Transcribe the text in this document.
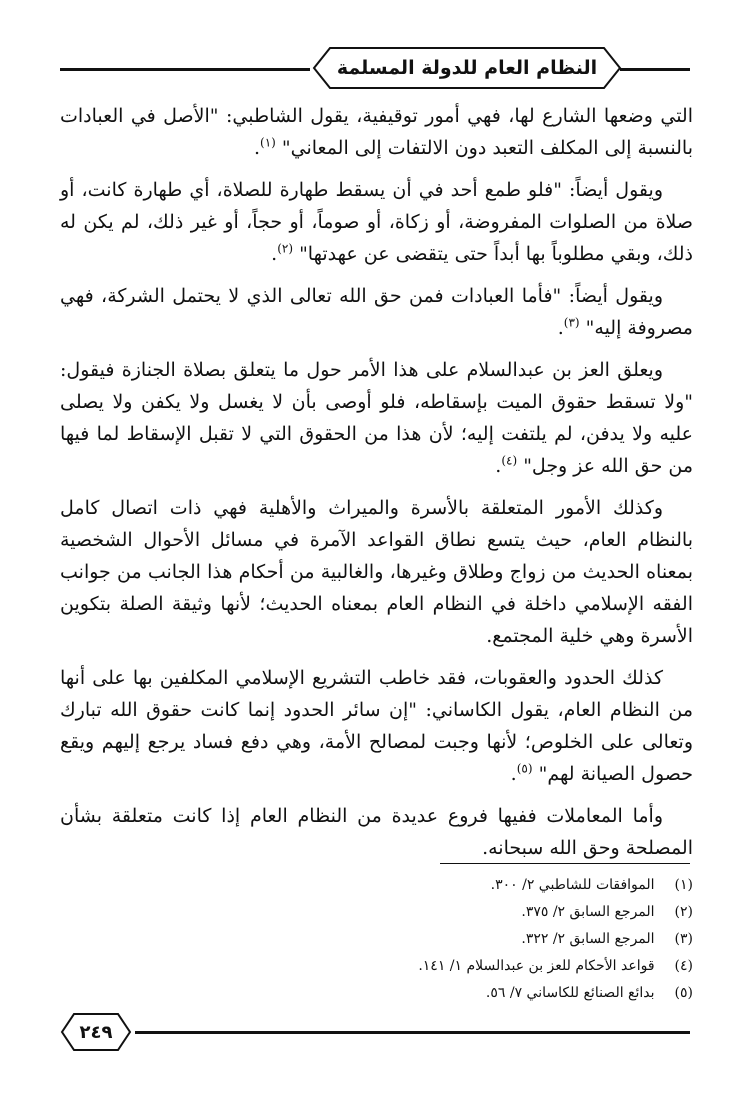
النظام العام للدولة المسلمة

التي وضعها الشارع لها، فهي أمور توقيفية، يقول الشاطبي: "الأصل في العبادات بالنسبة إلى المكلف التعبد دون الالتفات إلى المعاني" $^{(١)}$.

ويقول أيضاً: "فلو طمع أحد في أن يسقط طهارة للصلاة، أي طهارة كانت، أو صلاة من الصلوات المفروضة، أو زكاة، أو صوماً، أو حجاً، أو غير ذلك، لم يكن له ذلك، وبقي مطلوباً بها أبداً حتى يتقضى عن عهدتها" $^{(٢)}$.

ويقول أيضاً: "فأما العبادات فمن حق الله تعالى الذي لا يحتمل الشركة، فهي مصروفة إليه" $^{(٣)}$.

ويعلق العز بن عبدالسلام على هذا الأمر حول ما يتعلق بصلاة الجنازة فيقول: "ولا تسقط حقوق الميت بإسقاطه، فلو أوصى بأن لا يغسل ولا يكفن ولا يصلى عليه ولا يدفن، لم يلتفت إليه؛ لأن هذا من الحقوق التي لا تقبل الإسقاط لما فيها من حق الله عز وجل" $^{(٤)}$.

وكذلك الأمور المتعلقة بالأسرة والميراث والأهلية فهي ذات اتصال كامل بالنظام العام، حيث يتسع نطاق القواعد الآمرة في مسائل الأحوال الشخصية بمعناه الحديث من زواج وطلاق وغيرها، والغالبية من أحكام هذا الجانب من جوانب الفقه الإسلامي داخلة في النظام العام بمعناه الحديث؛ لأنها وثيقة الصلة بتكوين الأسرة وهي خلية المجتمع.

كذلك الحدود والعقوبات، فقد خاطب التشريع الإسلامي المكلفين بها على أنها من النظام العام، يقول الكاساني: "إن سائر الحدود إنما كانت حقوق الله تبارك وتعالى على الخلوص؛ لأنها وجبت لمصالح الأمة، وهي دفع فساد يرجع إليهم ويقع حصول الصيانة لهم" $^{(٥)}$.

وأما المعاملات ففيها فروع عديدة من النظام العام إذا كانت متعلقة بشأن المصلحة وحق الله سبحانه.

(١) الموافقات للشاطبي ٢/ ٣٠٠.
(٢) المرجع السابق ٢/ ٣٧٥.
(٣) المرجع السابق ٢/ ٣٢٢.
(٤) قواعد الأحكام للعز بن عبدالسلام ١/ ١٤١.
(٥) بدائع الصنائع للكاساني ٧/ ٥٦.
٢٤٩
